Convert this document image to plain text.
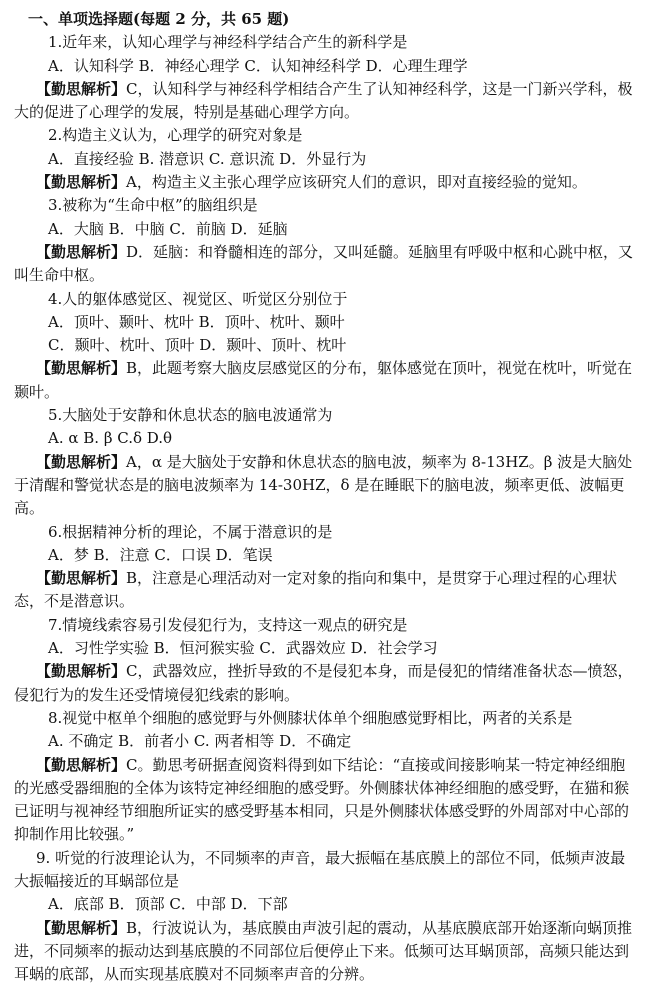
一、单项选择题(每题 2 分，共 65 题)
1.近年来，认知心理学与神经科学结合产生的新科学是
A．认知科学 B．神经心理学 C．认知神经科学 D．心理生理学
【勤思解析】C，认知科学与神经科学相结合产生了认知神经科学，这是一门新兴学科，极大的促进了心理学的发展，特别是基础心理学方向。
2.构造主义认为，心理学的研究对象是
A．直接经验 B. 潜意识 C. 意识流 D．外显行为
【勤思解析】A，构造主义主张心理学应该研究人们的意识，即对直接经验的觉知。
3.被称为“生命中枢”的脑组织是
A．大脑 B．中脑 C．前脑 D．延脑
【勤思解析】D．延脑：和脊髓相连的部分，又叫延髓。延脑里有呼吸中枢和心跳中枢，又叫生命中枢。
4.人的躯体感觉区、视觉区、听觉区分别位于
A．顶叶、颞叶、枕叶 B．顶叶、枕叶、颞叶
C．颞叶、枕叶、顶叶 D．颞叶、顶叶、枕叶
【勤思解析】B，此题考察大脑皮层感觉区的分布，躯体感觉在顶叶，视觉在枕叶，听觉在颞叶。
5.大脑处于安静和休息状态的脑电波通常为
A. α B. β C.δ D.θ
【勤思解析】A，α 是大脑处于安静和休息状态的脑电波，频率为 8-13HZ。β 波是大脑处于清醒和警觉状态是的脑电波频率为 14-30HZ，δ 是在睡眠下的脑电波，频率更低、波幅更高。
6.根据精神分析的理论，不属于潜意识的是
A．梦 B．注意 C．口误 D．笔误
【勤思解析】B，注意是心理活动对一定对象的指向和集中，是贯穿于心理过程的心理状态，不是潜意识。
7.情境线索容易引发侵犯行为，支持这一观点的研究是
A．习性学实验 B．恒河猴实验 C．武器效应 D．社会学习
【勤思解析】C，武器效应，挫折导致的不是侵犯本身，而是侵犯的情绪准备状态—愤怒，侵犯行为的发生还受情境侵犯线索的影响。
8.视觉中枢单个细胞的感觉野与外侧膝状体单个细胞感觉野相比，两者的关系是
A. 不确定 B．前者小 C. 两者相等 D．不确定
【勤思解析】C。勤思考研据查阅资料得到如下结论：“直接或间接影响某一特定神经细胞的光感受器细胞的全体为该特定神经细胞的感受野。外侧膝状体神经细胞的感受野，在猫和猴已证明与视神经节细胞所证实的感受野基本相同，只是外侧膝状体感受野的外周部对中心部的抑制作用比较强。”
9. 听觉的行波理论认为，不同频率的声音，最大振幅在基底膜上的部位不同，低频声波最大振幅接近的耳蜗部位是
A．底部 B．顶部 C．中部 D．下部
【勤思解析】B，行波说认为，基底膜由声波引起的震动，从基底膜底部开始逐渐向蜗顶推进，不同频率的振动达到基底膜的不同部位后便停止下来。低频可达耳蜗顶部，高频只能达到耳蜗的底部，从而实现基底膜对不同频率声音的分辨。
